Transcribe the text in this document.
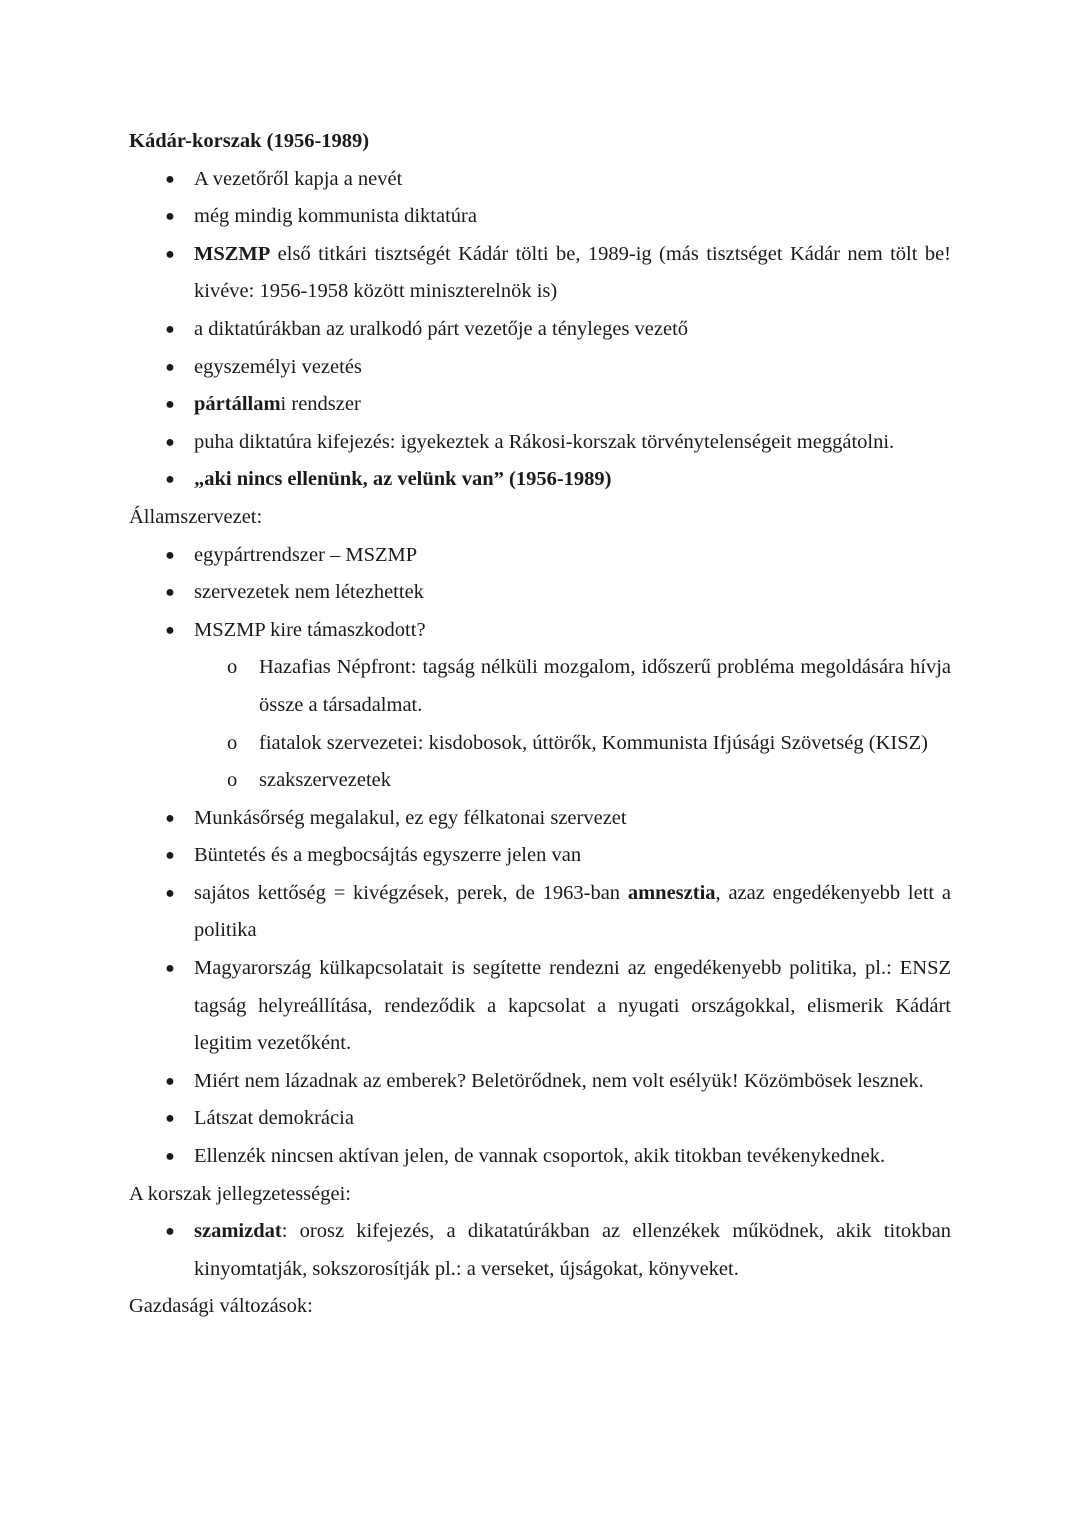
Kádár-korszak (1956-1989)
● A vezetőről kapja a nevét
● még mindig kommunista diktatúra
● MSZMP első titkári tisztségét Kádár tölti be, 1989-ig (más tisztséget Kádár nem tölt be! kivéve: 1956-1958 között miniszterelnök is)
● a diktatúrákban az uralkodó párt vezetője a tényleges vezető
● egyszemélyi vezetés
● pártállami rendszer
● puha diktatúra kifejezés: igyekeztek a Rákosi-korszak törvénytelenségeit meggátolni.
● „aki nincs ellenünk, az velünk van” (1956-1989)
Államszervezet:
● egypártrendszer – MSZMP
● szervezetek nem létezhettek
● MSZMP kire támaszkodott?
o Hazafias Népfront: tagság nélküli mozgalom, időszerű probléma megoldására hívja össze a társadalmat.
o fiatalok szervezetei: kisdobosok, úttörők, Kommunista Ifjúsági Szövetség (KISZ)
o szakszervezetek
● Munkásőrség megalakul, ez egy félkatonai szervezet
● Büntetés és a megbocsájtás egyszerre jelen van
● sajátos kettőség = kivégzések, perek, de 1963-ban amnesztia, azaz engedékenyebb lett a politika
● Magyarország külkapcsolatait is segítette rendezni az engedékenyebb politika, pl.: ENSZ tagság helyreállítása, rendeződik a kapcsolat a nyugati országokkal, elismerik Kádárt legitim vezetőként.
● Miért nem lázadnak az emberek? Beletörődnek, nem volt esélyük! Közömbösek lesznek.
● Látszat demokrácia
● Ellenzék nincsen aktívan jelen, de vannak csoportok, akik titokban tevékenykednek.
A korszak jellegzetességei:
● szamizdat: orosz kifejezés, a dikatatúrákban az ellenzékek működnek, akik titokban kinyomtatják, sokszorosítják pl.: a verseket, újságokat, könyveket.
Gazdasági változások:
